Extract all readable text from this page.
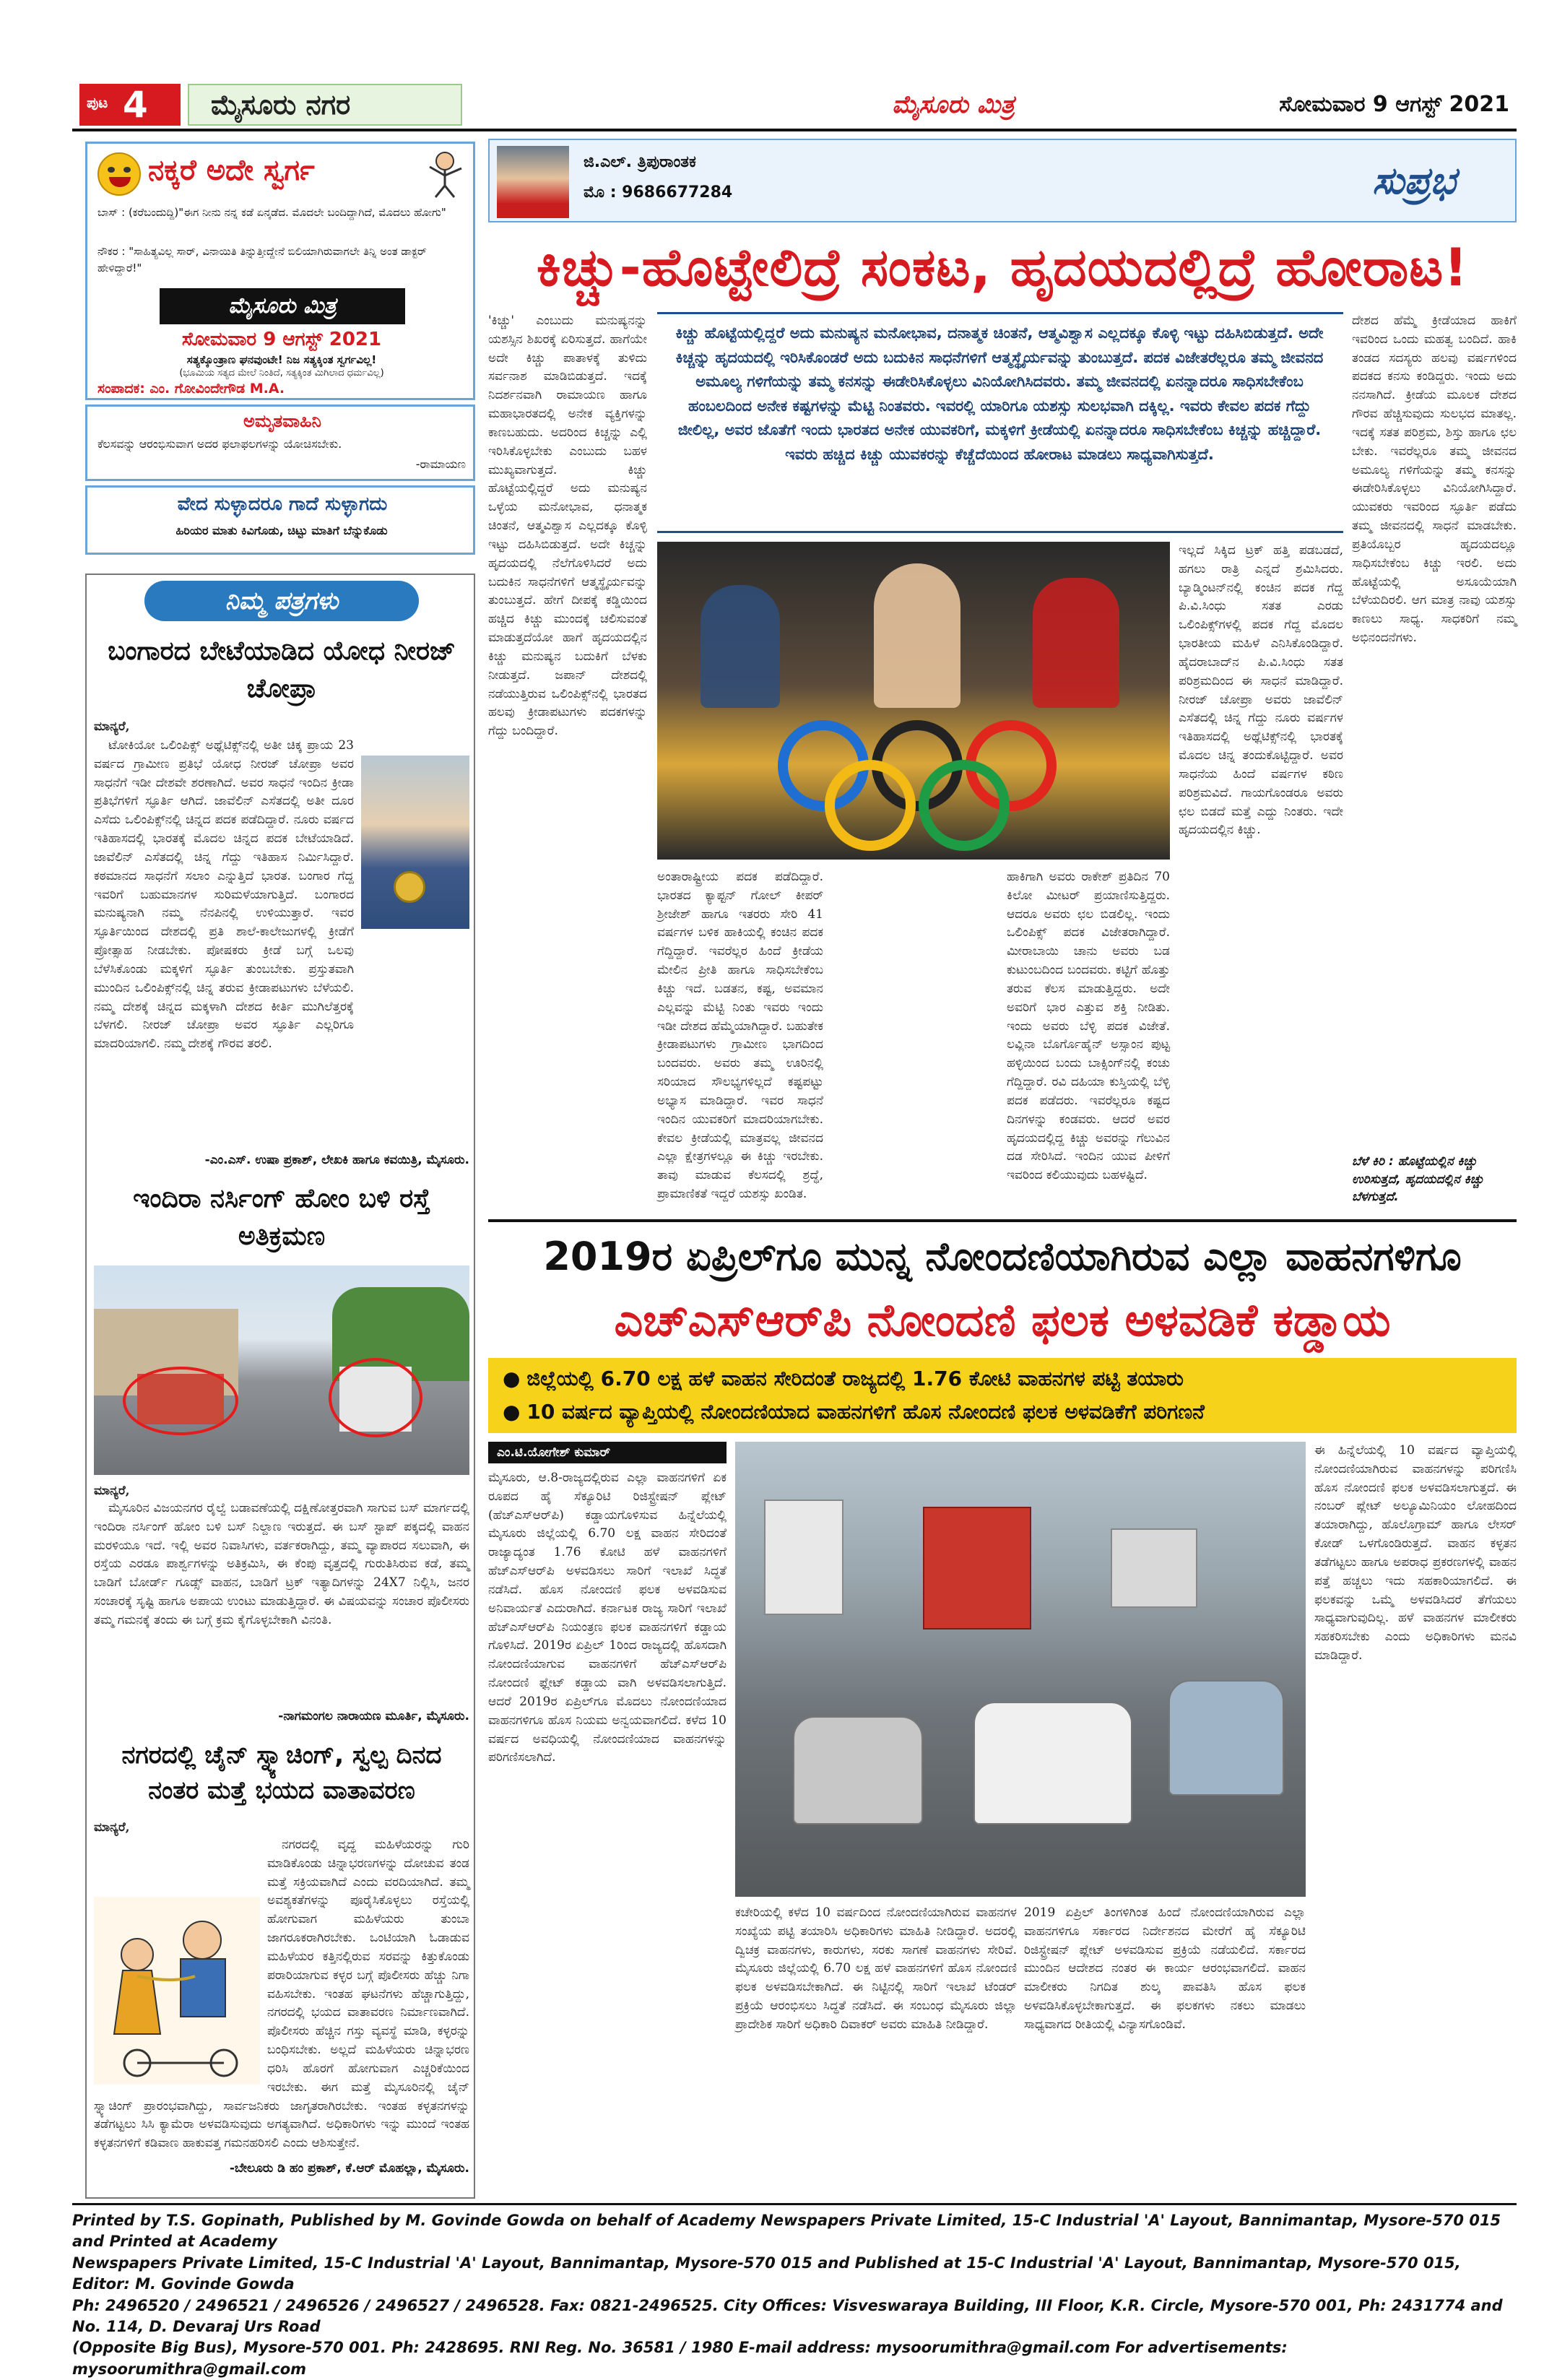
ಪುಟ 4	ಮೈಸೂರು ನಗರ	ಮೈಸೂರು ಮಿತ್ರ	ಸೋಮವಾರ 9 ಆಗಸ್ಟ್ 2021
ನಕ್ಕರೆ ಅದೇ ಸ್ವರ್ಗ
ಬಾಸ್ : (ಕರೆಬಂದುದ್ದಿ)"ಈಗ ನೀನು ನನ್ನ ಕಡೆ ಏನ್ಕಡೆದ. ಮೊದಲೇ ಬಂದಿದ್ದಾಗಿದೆ, ಮೊದಲು ಹೋಗು"
ನೌಕರ : "ಸಾಹಿತ್ಯವಿಲ್ಲ ಸಾರ್, ವಿನಾಯಿತಿ ತಿನ್ನುತ್ತೀದ್ದೇನೆ ಬಿಲಿಯಾಗಿರುವಾಗಲೇ ತಿನ್ನಿ ಅಂತ ಡಾಕ್ಟರ್ ಹೇಳಿದ್ದಾರೆ!"
ಮೈಸೂರು ಮಿತ್ರ
ಸೋಮವಾರ 9 ಆಗಸ್ಟ್ 2021
ಸತ್ಯಕ್ಕೊಂತ್ರಾಣ ಘನವುಂಟೇ! ನಿಜ ಸತ್ಯಕ್ಕಿಂತ ಸ್ವರ್ಗವಿಲ್ಲ!
(ಭೂಮಿಯ ಸತ್ಯದ ಮೇಲೆ ನಿಂತಿದೆ, ಸತ್ಯಕ್ಕಿಂತ ಮಿಗಿಲಾದ ಧರ್ಮವಿಲ್ಲ)
ಸಂಪಾದಕ: ಎಂ. ಗೋವಿಂದೇಗೌಡ M.A.
ಅಮೃತವಾಹಿನಿ
ಕೆಲಸವನ್ನು ಆರಂಭಿಸುವಾಗ ಅದರ ಫಲಾಫಲಗಳನ್ನು ಯೋಚಿಸಬೇಕು.
-ರಾಮಾಯಣ
ವೇದ ಸುಳ್ಳಾದರೂ ಗಾದೆ ಸುಳ್ಳಾಗದು
ಹಿರಿಯರ ಮಾತು ಕಿವಿಗೊಡು, ಚಿಟ್ಟು ಮಾತಿಗೆ ಬೆನ್ನುಕೊಡು
ನಿಮ್ಮ ಪತ್ರಗಳು
ಬಂಗಾರದ ಬೇಟೆಯಾಡಿದ ಯೋಧ ನೀರಜ್ ಚೋಪ್ರಾ
ಮಾನ್ಯರೆ,
ಟೋಕಿಯೋ ಒಲಿಂಪಿಕ್ಸ್ ಅಥ್ಲೆಟಿಕ್ಸ್‌ನಲ್ಲಿ ಅತೀ ಚಿಕ್ಕ ಪ್ರಾಯ 23 ವರ್ಷದ ಗ್ರಾಮೀಣ ಪ್ರತಿಭೆ ಯೋಧ ನೀರಜ್ ಚೋಪ್ರಾ ಅವರ ಸಾಧನೆಗೆ ಇಡೀ ದೇಶವೇ ಶರಣಾಗಿದೆ. ಅವರ ಸಾಧನೆ ಇಂದಿನ ಕ್ರೀಡಾ ಪ್ರತಿಭೆಗಳಿಗೆ ಸ್ಫೂರ್ತಿ ಆಗಿದೆ. ಜಾವೆಲಿನ್ ಎಸೆತದಲ್ಲಿ ಅತೀ ದೂರ ಎಸೆದು ಒಲಿಂಪಿಕ್ಸ್‌ನಲ್ಲಿ ಚಿನ್ನದ ಪದಕ ಪಡೆದಿದ್ದಾರೆ. ನೂರು ವರ್ಷದ ಇತಿಹಾಸದಲ್ಲಿ ಭಾರತಕ್ಕೆ ಮೊದಲ ಚಿನ್ನದ ಪದಕ ಬೇಟೆಯಾಡಿದೆ. ಜಾವೆಲಿನ್ ಎಸೆತದಲ್ಲಿ ಚಿನ್ನ ಗೆದ್ದು ಇತಿಹಾಸ ನಿರ್ಮಿಸಿದ್ದಾರೆ. ಕಠಮಾನದ ಸಾಧನೆಗೆ ಸಲಾಂ ಎನ್ನುತ್ತಿದೆ ಭಾರತ. ಬಂಗಾರ ಗೆದ್ದ ಇವರಿಗೆ ಬಹುಮಾನಗಳ ಸುರಿಮಳೆಯಾಗುತ್ತಿದೆ. ಬಂಗಾರದ ಮನುಷ್ಯನಾಗಿ ನಮ್ಮ ನೆನಪಿನಲ್ಲಿ ಉಳಿಯುತ್ತಾರೆ. ಇವರ ಸ್ಫೂರ್ತಿಯಿಂದ ದೇಶದಲ್ಲಿ ಪ್ರತಿ ಶಾಲೆ-ಕಾಲೇಜುಗಳಲ್ಲಿ ಕ್ರೀಡೆಗೆ ಪ್ರೋತ್ಸಾಹ ನೀಡಬೇಕು. ಪೋಷಕರು ಕ್ರೀಡೆ ಬಗ್ಗೆ ಒಲವು ಬೆಳೆಸಿಕೊಂಡು ಮಕ್ಕಳಿಗೆ ಸ್ಫೂರ್ತಿ ತುಂಬಬೇಕು. ಪ್ರಸ್ತುತವಾಗಿ ಮುಂದಿನ ಒಲಿಂಪಿಕ್ಸ್‌ನಲ್ಲಿ ಚಿನ್ನ ತರುವ ಕ್ರೀಡಾಪಟುಗಳು ಬೆಳೆಯಲಿ. ನಮ್ಮ ದೇಶಕ್ಕೆ ಚಿನ್ನದ ಮಕ್ಕಳಾಗಿ ದೇಶದ ಕೀರ್ತಿ ಮುಗಿಲೆತ್ತರಕ್ಕೆ ಬೆಳಗಲಿ. ನೀರಜ್ ಚೋಪ್ರಾ ಅವರ ಸ್ಫೂರ್ತಿ ಎಲ್ಲರಿಗೂ ಮಾದರಿಯಾಗಲಿ. ನಮ್ಮ ದೇಶಕ್ಕೆ ಗೌರವ ತರಲಿ.
-ಎಂ.ಎಸ್. ಉಷಾ ಪ್ರಕಾಶ್, ಲೇಖಕಿ ಹಾಗೂ ಕವಯಿತ್ರಿ, ಮೈಸೂರು.
ಇಂದಿರಾ ನರ್ಸಿಂಗ್ ಹೋಂ ಬಳಿ ರಸ್ತೆ ಅತಿಕ್ರಮಣ
ಮಾನ್ಯರೆ,
ಮೈಸೂರಿನ ವಿಜಯನಗರ ರೈಲ್ವೆ ಬಡಾವಣೆಯಲ್ಲಿ ದಕ್ಷಿಣೋತ್ತರವಾಗಿ ಸಾಗುವ ಬಸ್ ಮಾರ್ಗದಲ್ಲಿ ಇಂದಿರಾ ನರ್ಸಿಂಗ್ ಹೋಂ ಬಳಿ ಬಸ್ ನಿಲ್ದಾಣ ಇರುತ್ತದೆ. ಈ ಬಸ್ ಸ್ಟಾಪ್ ಪಕ್ಕದಲ್ಲಿ ವಾಹನ ಮರಳಿಯೂ ಇದೆ. ಇಲ್ಲಿ ಅವರ ನಿವಾಸಿಗಳು, ವರ್ತಕರಾಗಿದ್ದು, ತಮ್ಮ ವ್ಯಾಪಾರದ ಸಲುವಾಗಿ, ಈ ರಸ್ತೆಯ ಎರಡೂ ಪಾರ್ಶ್ವಗಳನ್ನು ಅತಿಕ್ರಮಿಸಿ, ಈ ಕೆಂಪು ವೃತ್ತದಲ್ಲಿ ಗುರುತಿಸಿರುವ ಕಡೆ, ತಮ್ಮ ಬಾಡಿಗೆ ಬೋರ್ಡ್ ಗೂಡ್ಸ್ ವಾಹನ, ಬಾಡಿಗೆ ಟ್ರಕ್ ಇತ್ಯಾದಿಗಳನ್ನು 24X7 ನಿಲ್ಲಿಸಿ, ಜನರ ಸಂಚಾರಕ್ಕೆ ಸೃಷ್ಟಿ ಹಾಗೂ ಅಪಾಯ ಉಂಟು ಮಾಡುತ್ತಿದ್ದಾರೆ. ಈ ವಿಷಯವನ್ನು ಸಂಚಾರ ಪೊಲೀಸರು ತಮ್ಮ ಗಮನಕ್ಕೆ ತಂದು ಈ ಬಗ್ಗೆ ಕ್ರಮ ಕೈಗೊಳ್ಳಬೇಕಾಗಿ ವಿನಂತಿ.
-ನಾಗಮಂಗಲ ನಾರಾಯಣ ಮೂರ್ತಿ, ಮೈಸೂರು.
ನಗರದಲ್ಲಿ ಚೈನ್ ಸ್ನ್ಯಾಚಿಂಗ್, ಸ್ವಲ್ಪ ದಿನದ ನಂತರ ಮತ್ತೆ ಭಯದ ವಾತಾವರಣ
ಮಾನ್ಯರೆ,
ನಗರದಲ್ಲಿ ವೃದ್ಧ ಮಹಿಳೆಯರನ್ನು ಗುರಿ ಮಾಡಿಕೊಂಡು ಚಿನ್ನಾಭರಣಗಳನ್ನು ದೋಚುವ ತಂಡ ಮತ್ತೆ ಸಕ್ರಿಯವಾಗಿದೆ ಎಂದು ವರದಿಯಾಗಿದೆ. ತಮ್ಮ ಅವಶ್ಯಕತೆಗಳನ್ನು ಪೂರೈಸಿಕೊಳ್ಳಲು ರಸ್ತೆಯಲ್ಲಿ ಹೋಗುವಾಗ ಮಹಿಳೆಯರು ತುಂಬಾ ಜಾಗರೂಕರಾಗಿರಬೇಕು. ಒಂಟಿಯಾಗಿ ಓಡಾಡುವ ಮಹಿಳೆಯರ ಕತ್ತಿನಲ್ಲಿರುವ ಸರವನ್ನು ಕಿತ್ತುಕೊಂಡು ಪರಾರಿಯಾಗುವ ಕಳ್ಳರ ಬಗ್ಗೆ ಪೊಲೀಸರು ಹೆಚ್ಚು ನಿಗಾ ವಹಿಸಬೇಕು. ಇಂತಹ ಘಟನೆಗಳು ಹೆಚ್ಚಾಗುತ್ತಿದ್ದು, ನಗರದಲ್ಲಿ ಭಯದ ವಾತಾವರಣ ನಿರ್ಮಾಣವಾಗಿದೆ. ಪೊಲೀಸರು ಹೆಚ್ಚಿನ ಗಸ್ತು ವ್ಯವಸ್ಥೆ ಮಾಡಿ, ಕಳ್ಳರನ್ನು ಬಂಧಿಸಬೇಕು. ಅಲ್ಲದೆ ಮಹಿಳೆಯರು ಚಿನ್ನಾಭರಣ ಧರಿಸಿ ಹೊರಗೆ ಹೋಗುವಾಗ ಎಚ್ಚರಿಕೆಯಿಂದ ಇರಬೇಕು. ಈಗ ಮತ್ತೆ ಮೈಸೂರಿನಲ್ಲಿ ಚೈನ್ ಸ್ನ್ಯಾಚಿಂಗ್ ಪ್ರಾರಂಭವಾಗಿದ್ದು, ಸಾರ್ವಜನಿಕರು ಜಾಗೃತರಾಗಿರಬೇಕು. ಇಂತಹ ಕಳ್ಳತನಗಳನ್ನು ತಡೆಗಟ್ಟಲು ಸಿಸಿ ಕ್ಯಾಮೆರಾ ಅಳವಡಿಸುವುದು ಅಗತ್ಯವಾಗಿದೆ. ಅಧಿಕಾರಿಗಳು ಇನ್ನು ಮುಂದೆ ಇಂತಹ ಕಳ್ಳತನಗಳಿಗೆ ಕಡಿವಾಣ ಹಾಕುವತ್ತ ಗಮನಹರಿಸಲಿ ಎಂದು ಆಶಿಸುತ್ತೇನೆ.
-ಬೇಲೂರು ಡಿ ಹಂ ಪ್ರಕಾಶ್, ಕೆ.ಆರ್ ಮೊಹಲ್ಲಾ, ಮೈಸೂರು.
ಜಿ.ಎಲ್. ತ್ರಿಪುರಾಂತಕ
ಮೊ : 9686677284	ಸುಪ್ರಭ
ಕಿಚ್ಚು-ಹೊಟ್ಟೇಲಿದ್ರೆ ಸಂಕಟ, ಹೃದಯದಲ್ಲಿದ್ರೆ ಹೋರಾಟ!
'ಕಿಚ್ಚು' ಎಂಬುದು ಮನುಷ್ಯನನ್ನು ಯಶಸ್ಸಿನ ಶಿಖರಕ್ಕೆ ಏರಿಸುತ್ತದೆ. ಹಾಗೆಯೇ ಅದೇ ಕಿಚ್ಚು ಪಾತಾಳಕ್ಕೆ ತುಳಿದು ಸರ್ವನಾಶ ಮಾಡಿಬಿಡುತ್ತದೆ. ಇದಕ್ಕೆ ನಿದರ್ಶನವಾಗಿ ರಾಮಾಯಣ ಹಾಗೂ ಮಹಾಭಾರತದಲ್ಲಿ ಅನೇಕ ವ್ಯಕ್ತಿಗಳನ್ನು ಕಾಣಬಹುದು. ಅದರಿಂದ ಕಿಚ್ಚನ್ನು ಎಲ್ಲಿ ಇರಿಸಿಕೊಳ್ಳಬೇಕು ಎಂಬುದು ಬಹಳ ಮುಖ್ಯವಾಗುತ್ತದೆ. ಕಿಚ್ಚು ಹೊಟ್ಟೆಯಲ್ಲಿದ್ದರೆ ಅದು ಮನುಷ್ಯನ ಒಳ್ಳೆಯ ಮನೋಭಾವ, ಧನಾತ್ಮಕ ಚಿಂತನೆ, ಆತ್ಮವಿಶ್ವಾಸ ಎಲ್ಲದಕ್ಕೂ ಕೊಳ್ಳಿ ಇಟ್ಟು ದಹಿಸಿಬಿಡುತ್ತದೆ. ಅದೇ ಕಿಚ್ಚನ್ನು ಹೃದಯದಲ್ಲಿ ನೆಲೆಗೊಳಿಸಿದರೆ ಅದು ಬದುಕಿನ ಸಾಧನೆಗಳಿಗೆ ಆತ್ಮಸ್ಥೈರ್ಯವನ್ನು ತುಂಬುತ್ತದೆ. ಹೇಗೆ ದೀಪಕ್ಕೆ ಕಡ್ಡಿಯಿಂದ ಹಚ್ಚಿದ ಕಿಚ್ಚು ಮುಂದಕ್ಕೆ ಚಲಿಸುವಂತೆ ಮಾಡುತ್ತದೆಯೋ ಹಾಗೆ ಹೃದಯದಲ್ಲಿನ ಕಿಚ್ಚು ಮನುಷ್ಯನ ಬದುಕಿಗೆ ಬೆಳಕು ನೀಡುತ್ತದೆ. ಜಪಾನ್ ದೇಶದಲ್ಲಿ ನಡೆಯುತ್ತಿರುವ ಒಲಿಂಪಿಕ್ಸ್‌ನಲ್ಲಿ ಭಾರತದ ಹಲವು ಕ್ರೀಡಾಪಟುಗಳು ಪದಕಗಳನ್ನು ಗೆದ್ದು ಬಂದಿದ್ದಾರೆ.
ಕಿಚ್ಚು ಹೊಟ್ಟೆಯಲ್ಲಿದ್ದರೆ ಅದು ಮನುಷ್ಯನ ಮನೋಭಾವ, ದನಾತ್ಮಕ ಚಿಂತನೆ, ಆತ್ಮವಿಶ್ವಾಸ ಎಲ್ಲದಕ್ಕೂ ಕೊಳ್ಳಿ ಇಟ್ಟು ದಹಿಸಿಬಿಡುತ್ತದೆ. ಅದೇ ಕಿಚ್ಚನ್ನು ಹೃದಯದಲ್ಲಿ ಇರಿಸಿಕೊಂಡರೆ ಅದು ಬದುಕಿನ ಸಾಧನೆಗಳಿಗೆ ಆತ್ಮಸ್ಥೈರ್ಯವನ್ನು ತುಂಬುತ್ತದೆ. ಪದಕ ವಿಜೇತರೆಲ್ಲರೂ ತಮ್ಮ ಜೀವನದ ಅಮೂಲ್ಯ ಗಳಿಗೆಯನ್ನು ತಮ್ಮ ಕನಸನ್ನು ಈಡೇರಿಸಿಕೊಳ್ಳಲು ವಿನಿಯೋಗಿಸಿದವರು. ತಮ್ಮ ಜೀವನದಲ್ಲಿ ಏನನ್ನಾದರೂ ಸಾಧಿಸಬೇಕೆಂಬ ಹಂಬಲದಿಂದ ಅನೇಕ ಕಷ್ಟಗಳನ್ನು ಮೆಟ್ಟಿ ನಿಂತವರು. ಇವರಲ್ಲಿ ಯಾರಿಗೂ ಯಶಸ್ಸು ಸುಲಭವಾಗಿ ದಕ್ಕಿಲ್ಲ. ಇವರು ಕೇವಲ ಪದಕ ಗೆದ್ದು ಜೀಲಿಲ್ಲ, ಅವರ ಜೊತೆಗೆ ಇಂದು ಭಾರತದ ಅನೇಕ ಯುವಕರಿಗೆ, ಮಕ್ಕಳಿಗೆ ಕ್ರೀಡೆಯಲ್ಲಿ ಏನನ್ನಾದರೂ ಸಾಧಿಸಬೇಕೆಂಬ ಕಿಚ್ಚನ್ನು ಹಚ್ಚಿದ್ದಾರೆ. ಇವರು ಹಚ್ಚಿದ ಕಿಚ್ಚು ಯುವಕರನ್ನು ಕೆಚ್ಚೆದೆಯಿಂದ ಹೋರಾಟ ಮಾಡಲು ಸಾಧ್ಯವಾಗಿಸುತ್ತದೆ.
ಇಲ್ಲದೆ ಸಿಕ್ಕಿದ ಟ್ರಕ್ ಹತ್ತಿ ಪಡಬಡದೆ, ಹಗಲು ರಾತ್ರಿ ಎನ್ನದೆ ಶ್ರಮಿಸಿದರು. ಬ್ಯಾಡ್ಮಿಂಟನ್‌ನಲ್ಲಿ ಕಂಚಿನ ಪದಕ ಗೆದ್ದ ಪಿ.ವಿ.ಸಿಂಧು ಸತತ ಎರಡು ಒಲಿಂಪಿಕ್ಸ್‌ಗಳಲ್ಲಿ ಪದಕ ಗೆದ್ದ ಮೊದಲ ಭಾರತೀಯ ಮಹಿಳೆ ಎನಿಸಿಕೊಂಡಿದ್ದಾರೆ. ಹೈದರಾಬಾದ್‌ನ ಪಿ.ವಿ.ಸಿಂಧು ಸತತ ಪರಿಶ್ರಮದಿಂದ ಈ ಸಾಧನೆ ಮಾಡಿದ್ದಾರೆ. ನೀರಜ್ ಚೋಪ್ರಾ ಅವರು ಜಾವೆಲಿನ್ ಎಸೆತದಲ್ಲಿ ಚಿನ್ನ ಗೆದ್ದು ನೂರು ವರ್ಷಗಳ ಇತಿಹಾಸದಲ್ಲಿ ಅಥ್ಲೆಟಿಕ್ಸ್‌ನಲ್ಲಿ ಭಾರತಕ್ಕೆ ಮೊದಲ ಚಿನ್ನ ತಂದುಕೊಟ್ಟಿದ್ದಾರೆ. ಅವರ ಸಾಧನೆಯ ಹಿಂದೆ ವರ್ಷಗಳ ಕಠಿಣ ಪರಿಶ್ರಮವಿದೆ. ಗಾಯಗೊಂಡರೂ ಅವರು ಛಲ ಬಿಡದೆ ಮತ್ತೆ ಎದ್ದು ನಿಂತರು. ಇದೇ ಹೃದಯದಲ್ಲಿನ ಕಿಚ್ಚು.
ಅಂತಾರಾಷ್ಟ್ರೀಯ ಪದಕ ಪಡೆದಿದ್ದಾರೆ. ಭಾರತದ ಕ್ಯಾಪ್ಟನ್ ಗೋಲ್ ಕೀಪರ್ ಶ್ರೀಜೇಶ್ ಹಾಗೂ ಇತರರು ಸೇರಿ 41 ವರ್ಷಗಳ ಬಳಿಕ ಹಾಕಿಯಲ್ಲಿ ಕಂಚಿನ ಪದಕ ಗೆದ್ದಿದ್ದಾರೆ. ಇವರೆಲ್ಲರ ಹಿಂದೆ ಕ್ರೀಡೆಯ ಮೇಲಿನ ಪ್ರೀತಿ ಹಾಗೂ ಸಾಧಿಸಬೇಕೆಂಬ ಕಿಚ್ಚು ಇದೆ. ಬಡತನ, ಕಷ್ಟ, ಅವಮಾನ ಎಲ್ಲವನ್ನು ಮೆಟ್ಟಿ ನಿಂತು ಇವರು ಇಂದು ಇಡೀ ದೇಶದ ಹೆಮ್ಮೆಯಾಗಿದ್ದಾರೆ. ಬಹುತೇಕ ಕ್ರೀಡಾಪಟುಗಳು ಗ್ರಾಮೀಣ ಭಾಗದಿಂದ ಬಂದವರು. ಅವರು ತಮ್ಮ ಊರಿನಲ್ಲಿ ಸರಿಯಾದ ಸೌಲಭ್ಯಗಳಿಲ್ಲದೆ ಕಷ್ಟಪಟ್ಟು ಅಭ್ಯಾಸ ಮಾಡಿದ್ದಾರೆ. ಇವರ ಸಾಧನೆ ಇಂದಿನ ಯುವಕರಿಗೆ ಮಾದರಿಯಾಗಬೇಕು. ಕೇವಲ ಕ್ರೀಡೆಯಲ್ಲಿ ಮಾತ್ರವಲ್ಲ ಜೀವನದ ಎಲ್ಲಾ ಕ್ಷೇತ್ರಗಳಲ್ಲೂ ಈ ಕಿಚ್ಚು ಇರಬೇಕು. ತಾವು ಮಾಡುವ ಕೆಲಸದಲ್ಲಿ ಶ್ರದ್ಧೆ, ಪ್ರಾಮಾಣಿಕತೆ ಇದ್ದರೆ ಯಶಸ್ಸು ಖಂಡಿತ.
ಹಾಕಿಗಾಗಿ ಅವರು ರಾಕೇಶ್ ಪ್ರತಿದಿನ 70 ಕಿಲೋ ಮೀಟರ್ ಪ್ರಯಾಣಿಸುತ್ತಿದ್ದರು. ಆದರೂ ಅವರು ಛಲ ಬಿಡಲಿಲ್ಲ. ಇಂದು ಒಲಿಂಪಿಕ್ಸ್ ಪದಕ ವಿಜೇತರಾಗಿದ್ದಾರೆ. ಮೀರಾಬಾಯಿ ಚಾನು ಅವರು ಬಡ ಕುಟುಂಬದಿಂದ ಬಂದವರು. ಕಟ್ಟಿಗೆ ಹೊತ್ತು ತರುವ ಕೆಲಸ ಮಾಡುತ್ತಿದ್ದರು. ಅದೇ ಅವರಿಗೆ ಭಾರ ಎತ್ತುವ ಶಕ್ತಿ ನೀಡಿತು. ಇಂದು ಅವರು ಬೆಳ್ಳಿ ಪದಕ ವಿಜೇತೆ. ಲವ್ಲಿನಾ ಬೊರ್ಗೊಹೈನ್ ಅಸ್ಸಾಂನ ಪುಟ್ಟ ಹಳ್ಳಿಯಿಂದ ಬಂದು ಬಾಕ್ಸಿಂಗ್‌ನಲ್ಲಿ ಕಂಚು ಗೆದ್ದಿದ್ದಾರೆ. ರವಿ ದಹಿಯಾ ಕುಸ್ತಿಯಲ್ಲಿ ಬೆಳ್ಳಿ ಪದಕ ಪಡೆದರು. ಇವರೆಲ್ಲರೂ ಕಷ್ಟದ ದಿನಗಳನ್ನು ಕಂಡವರು. ಆದರೆ ಅವರ ಹೃದಯದಲ್ಲಿದ್ದ ಕಿಚ್ಚು ಅವರನ್ನು ಗೆಲುವಿನ ದಡ ಸೇರಿಸಿದೆ. ಇಂದಿನ ಯುವ ಪೀಳಿಗೆ ಇವರಿಂದ ಕಲಿಯುವುದು ಬಹಳಷ್ಟಿದೆ.
ದೇಶದ ಹೆಮ್ಮೆ ಕ್ರೀಡೆಯಾದ ಹಾಕಿಗೆ ಇವರಿಂದ ಒಂದು ಮಹತ್ವ ಬಂದಿದೆ. ಹಾಕಿ ತಂಡದ ಸದಸ್ಯರು ಹಲವು ವರ್ಷಗಳಿಂದ ಪದಕದ ಕನಸು ಕಂಡಿದ್ದರು. ಇಂದು ಅದು ನನಸಾಗಿದೆ. ಕ್ರೀಡೆಯ ಮೂಲಕ ದೇಶದ ಗೌರವ ಹೆಚ್ಚಿಸುವುದು ಸುಲಭದ ಮಾತಲ್ಲ. ಇದಕ್ಕೆ ಸತತ ಪರಿಶ್ರಮ, ಶಿಸ್ತು ಹಾಗೂ ಛಲ ಬೇಕು. ಇವರೆಲ್ಲರೂ ತಮ್ಮ ಜೀವನದ ಅಮೂಲ್ಯ ಗಳಿಗೆಯನ್ನು ತಮ್ಮ ಕನಸನ್ನು ಈಡೇರಿಸಿಕೊಳ್ಳಲು ವಿನಿಯೋಗಿಸಿದ್ದಾರೆ. ಯುವಕರು ಇವರಿಂದ ಸ್ಫೂರ್ತಿ ಪಡೆದು ತಮ್ಮ ಜೀವನದಲ್ಲಿ ಸಾಧನೆ ಮಾಡಬೇಕು. ಪ್ರತಿಯೊಬ್ಬರ ಹೃದಯದಲ್ಲೂ ಸಾಧಿಸಬೇಕೆಂಬ ಕಿಚ್ಚು ಇರಲಿ. ಅದು ಹೊಟ್ಟೆಯಲ್ಲಿ ಅಸೂಯೆಯಾಗಿ ಬೆಳೆಯದಿರಲಿ. ಆಗ ಮಾತ್ರ ನಾವು ಯಶಸ್ಸು ಕಾಣಲು ಸಾಧ್ಯ. ಸಾಧಕರಿಗೆ ನಮ್ಮ ಅಭಿನಂದನೆಗಳು.
ಬೆಳೆ ಕಿರಿ : ಹೊಟ್ಟೆಯಲ್ಲಿನ ಕಿಚ್ಚು ಉರಿಸುತ್ತದೆ, ಹೃದಯದಲ್ಲಿನ ಕಿಚ್ಚು ಬೆಳಗುತ್ತದೆ.
2019ರ ಏಪ್ರಿಲ್‌ಗೂ ಮುನ್ನ ನೋಂದಣಿಯಾಗಿರುವ ಎಲ್ಲಾ ವಾಹನಗಳಿಗೂ
ಎಚ್‌ಎಸ್‌ಆರ್‌ಪಿ ನೋಂದಣಿ ಫಲಕ ಅಳವಡಿಕೆ ಕಡ್ಡಾಯ
● ಜಿಲ್ಲೆಯಲ್ಲಿ 6.70 ಲಕ್ಷ ಹಳೆ ವಾಹನ ಸೇರಿದಂತೆ ರಾಜ್ಯದಲ್ಲಿ 1.76 ಕೋಟಿ ವಾಹನಗಳ ಪಟ್ಟಿ ತಯಾರು
● 10 ವರ್ಷದ ವ್ಯಾಪ್ತಿಯಲ್ಲಿ ನೋಂದಣಿಯಾದ ವಾಹನಗಳಿಗೆ ಹೊಸ ನೋಂದಣಿ ಫಲಕ ಅಳವಡಿಕೆಗೆ ಪರಿಗಣನೆ
ಎಂ.ಟಿ.ಯೋಗೇಶ್ ಕುಮಾರ್
ಮೈಸೂರು, ಆ.8-ರಾಜ್ಯದಲ್ಲಿರುವ ಎಲ್ಲಾ ವಾಹನಗಳಿಗೆ ಏಕ ರೂಪದ ಹೈ ಸೆಕ್ಯೂರಿಟಿ ರಿಜಿಸ್ಟ್ರೇಷನ್ ಪ್ಲೇಟ್ (ಹೆಚ್‌ಎಸ್‌ಆರ್‌ಪಿ) ಕಡ್ಡಾಯಗೊಳಿಸುವ ಹಿನ್ನೆಲೆಯಲ್ಲಿ ಮೈಸೂರು ಜಿಲ್ಲೆಯಲ್ಲಿ 6.70 ಲಕ್ಷ ವಾಹನ ಸೇರಿದಂತೆ ರಾಜ್ಯಾದ್ಯಂತ 1.76 ಕೋಟಿ ಹಳೆ ವಾಹನಗಳಿಗೆ ಹೆಚ್‌ಎಸ್‌ಆರ್‌ಪಿ ಅಳವಡಿಸಲು ಸಾರಿಗೆ ಇಲಾಖೆ ಸಿದ್ಧತೆ ನಡೆಸಿದೆ. ಹೊಸ ನೋಂದಣಿ ಫಲಕ ಅಳವಡಿಸುವ ಅನಿವಾರ್ಯತೆ ಎದುರಾಗಿದೆ. ಕರ್ನಾಟಕ ರಾಜ್ಯ ಸಾರಿಗೆ ಇಲಾಖೆ ಹೆಚ್‌ಎಸ್‌ಆರ್‌ಪಿ ನಿಯಂತ್ರಣ ಫಲಕ ವಾಹನಗಳಿಗೆ ಕಡ್ಡಾಯ ಗೊಳಿಸಿದೆ. 2019ರ ಏಪ್ರಿಲ್ 1ರಿಂದ ರಾಜ್ಯದಲ್ಲಿ ಹೊಸದಾಗಿ ನೋಂದಣಿಯಾಗುವ ವಾಹನಗಳಿಗೆ ಹೆಚ್‌ಎಸ್‌ಆರ್‌ಪಿ ನೋಂದಣಿ ಫ್ಲೇಟ್ ಕಡ್ಡಾಯ ವಾಗಿ ಅಳವಡಿಸಲಾಗುತ್ತಿದೆ. ಆದರೆ 2019ರ ಏಪ್ರಿಲ್‌ಗೂ ಮೊದಲು ನೋಂದಣಿಯಾದ ವಾಹನಗಳಿಗೂ ಹೊಸ ನಿಯಮ ಅನ್ವಯವಾಗಲಿದೆ. ಕಳೆದ 10 ವರ್ಷದ ಅವಧಿಯಲ್ಲಿ ನೋಂದಣಿಯಾದ ವಾಹನಗಳನ್ನು ಪರಿಗಣಿಸಲಾಗಿದೆ.
ಕಚೇರಿಯಲ್ಲಿ ಕಳೆದ 10 ವರ್ಷದಿಂದ ನೋಂದಣಿಯಾಗಿರುವ ವಾಹನಗಳ ಸಂಖ್ಯೆಯ ಪಟ್ಟಿ ತಯಾರಿಸಿ ಅಧಿಕಾರಿಗಳು ಮಾಹಿತಿ ನೀಡಿದ್ದಾರೆ. ಅದರಲ್ಲಿ ದ್ವಿಚಕ್ರ ವಾಹನಗಳು, ಕಾರುಗಳು, ಸರಕು ಸಾಗಣೆ ವಾಹನಗಳು ಸೇರಿವೆ. ಮೈಸೂರು ಜಿಲ್ಲೆಯಲ್ಲಿ 6.70 ಲಕ್ಷ ಹಳೆ ವಾಹನಗಳಿಗೆ ಹೊಸ ನೋಂದಣಿ ಫಲಕ ಅಳವಡಿಸಬೇಕಾಗಿದೆ. ಈ ನಿಟ್ಟಿನಲ್ಲಿ ಸಾರಿಗೆ ಇಲಾಖೆ ಟೆಂಡರ್ ಪ್ರಕ್ರಿಯೆ ಆರಂಭಿಸಲು ಸಿದ್ಧತೆ ನಡೆಸಿದೆ. ಈ ಸಂಬಂಧ ಮೈಸೂರು ಜಿಲ್ಲಾ ಪ್ರಾದೇಶಿಕ ಸಾರಿಗೆ ಅಧಿಕಾರಿ ದಿವಾಕರ್ ಅವರು ಮಾಹಿತಿ ನೀಡಿದ್ದಾರೆ.
2019 ಏಪ್ರಿಲ್ ತಿಂಗಳಿಗಿಂತ ಹಿಂದೆ ನೋಂದಣಿಯಾಗಿರುವ ಎಲ್ಲಾ ವಾಹನಗಳಿಗೂ ಸರ್ಕಾರದ ನಿರ್ದೇಶನದ ಮೇರೆಗೆ ಹೈ ಸೆಕ್ಯೂರಿಟಿ ರಿಜಿಸ್ಟ್ರೇಷನ್ ಪ್ಲೇಟ್ ಅಳವಡಿಸುವ ಪ್ರಕ್ರಿಯೆ ನಡೆಯಲಿದೆ. ಸರ್ಕಾರದ ಮುಂದಿನ ಆದೇಶದ ನಂತರ ಈ ಕಾರ್ಯ ಆರಂಭವಾಗಲಿದೆ. ವಾಹನ ಮಾಲೀಕರು ನಿಗದಿತ ಶುಲ್ಕ ಪಾವತಿಸಿ ಹೊಸ ಫಲಕ ಅಳವಡಿಸಿಕೊಳ್ಳಬೇಕಾಗುತ್ತದೆ. ಈ ಫಲಕಗಳು ನಕಲು ಮಾಡಲು ಸಾಧ್ಯವಾಗದ ರೀತಿಯಲ್ಲಿ ವಿನ್ಯಾಸಗೊಂಡಿವೆ.
ಈ ಹಿನ್ನೆಲೆಯಲ್ಲಿ 10 ವರ್ಷದ ವ್ಯಾಪ್ತಿಯಲ್ಲಿ ನೋಂದಣಿಯಾಗಿರುವ ವಾಹನಗಳನ್ನು ಪರಿಗಣಿಸಿ ಹೊಸ ನೋಂದಣಿ ಫಲಕ ಅಳವಡಿಸಲಾಗುತ್ತದೆ. ಈ ನಂಬರ್ ಪ್ಲೇಟ್ ಅಲ್ಯೂಮಿನಿಯಂ ಲೋಹದಿಂದ ತಯಾರಾಗಿದ್ದು, ಹೊಲೊಗ್ರಾಮ್ ಹಾಗೂ ಲೇಸರ್ ಕೋಡ್ ಒಳಗೊಂಡಿರುತ್ತದೆ. ವಾಹನ ಕಳ್ಳತನ ತಡೆಗಟ್ಟಲು ಹಾಗೂ ಅಪರಾಧ ಪ್ರಕರಣಗಳಲ್ಲಿ ವಾಹನ ಪತ್ತೆ ಹಚ್ಚಲು ಇದು ಸಹಕಾರಿಯಾಗಲಿದೆ. ಈ ಫಲಕವನ್ನು ಒಮ್ಮೆ ಅಳವಡಿಸಿದರೆ ತೆಗೆಯಲು ಸಾಧ್ಯವಾಗುವುದಿಲ್ಲ. ಹಳೆ ವಾಹನಗಳ ಮಾಲೀಕರು ಸಹಕರಿಸಬೇಕು ಎಂದು ಅಧಿಕಾರಿಗಳು ಮನವಿ ಮಾಡಿದ್ದಾರೆ.
Printed by T.S. Gopinath, Published by M. Govinde Gowda on behalf of Academy Newspapers Private Limited, 15-C Industrial 'A' Layout, Bannimantap, Mysore-570 015 and Printed at Academy
Newspapers Private Limited, 15-C Industrial 'A' Layout, Bannimantap, Mysore-570 015 and Published at 15-C Industrial 'A' Layout, Bannimantap, Mysore-570 015, Editor: M. Govinde Gowda
Ph: 2496520 / 2496521 / 2496526 / 2496527 / 2496528. Fax: 0821-2496525. City Offices: Visveswaraya Building, III Floor, K.R. Circle, Mysore-570 001, Ph: 2431774 and No. 114, D. Devaraj Urs Road
(Opposite Big Bus), Mysore-570 001. Ph: 2428695. RNI Reg. No. 36581 / 1980 E-mail address: mysoorumithra@gmail.com For advertisements: mysoorumithra@gmail.com
